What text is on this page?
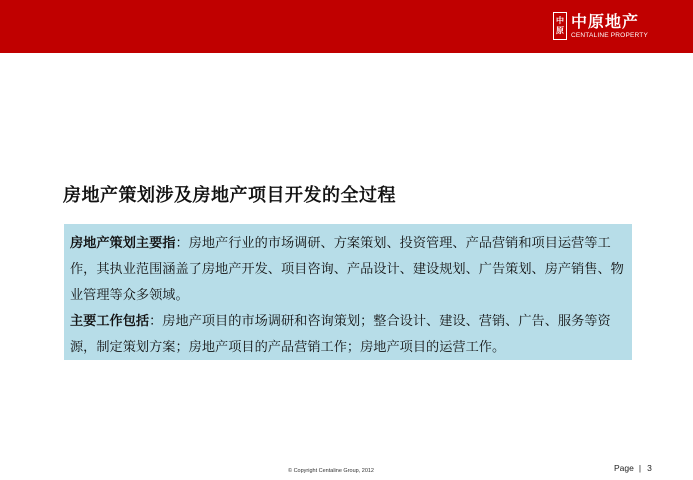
中
原 中原地产
CENTALINE PROPERTY
房地产策划涉及房地产项目开发的全过程

房地产策划主要指：房地产行业的市场调研、方案策划、投资管理、产品营销和项目运营等工作，其执业范围涵盖了房地产开发、项目咨询、产品设计、建设规划、广告策划、房产销售、物业管理等众多领域。

主要工作包括：房地产项目的市场调研和咨询策划；整合设计、建设、营销、广告、服务等资源，制定策划方案；房地产项目的产品营销工作；房地产项目的运营工作。

© Copyright Centaline Group, 2012	Page | 3
